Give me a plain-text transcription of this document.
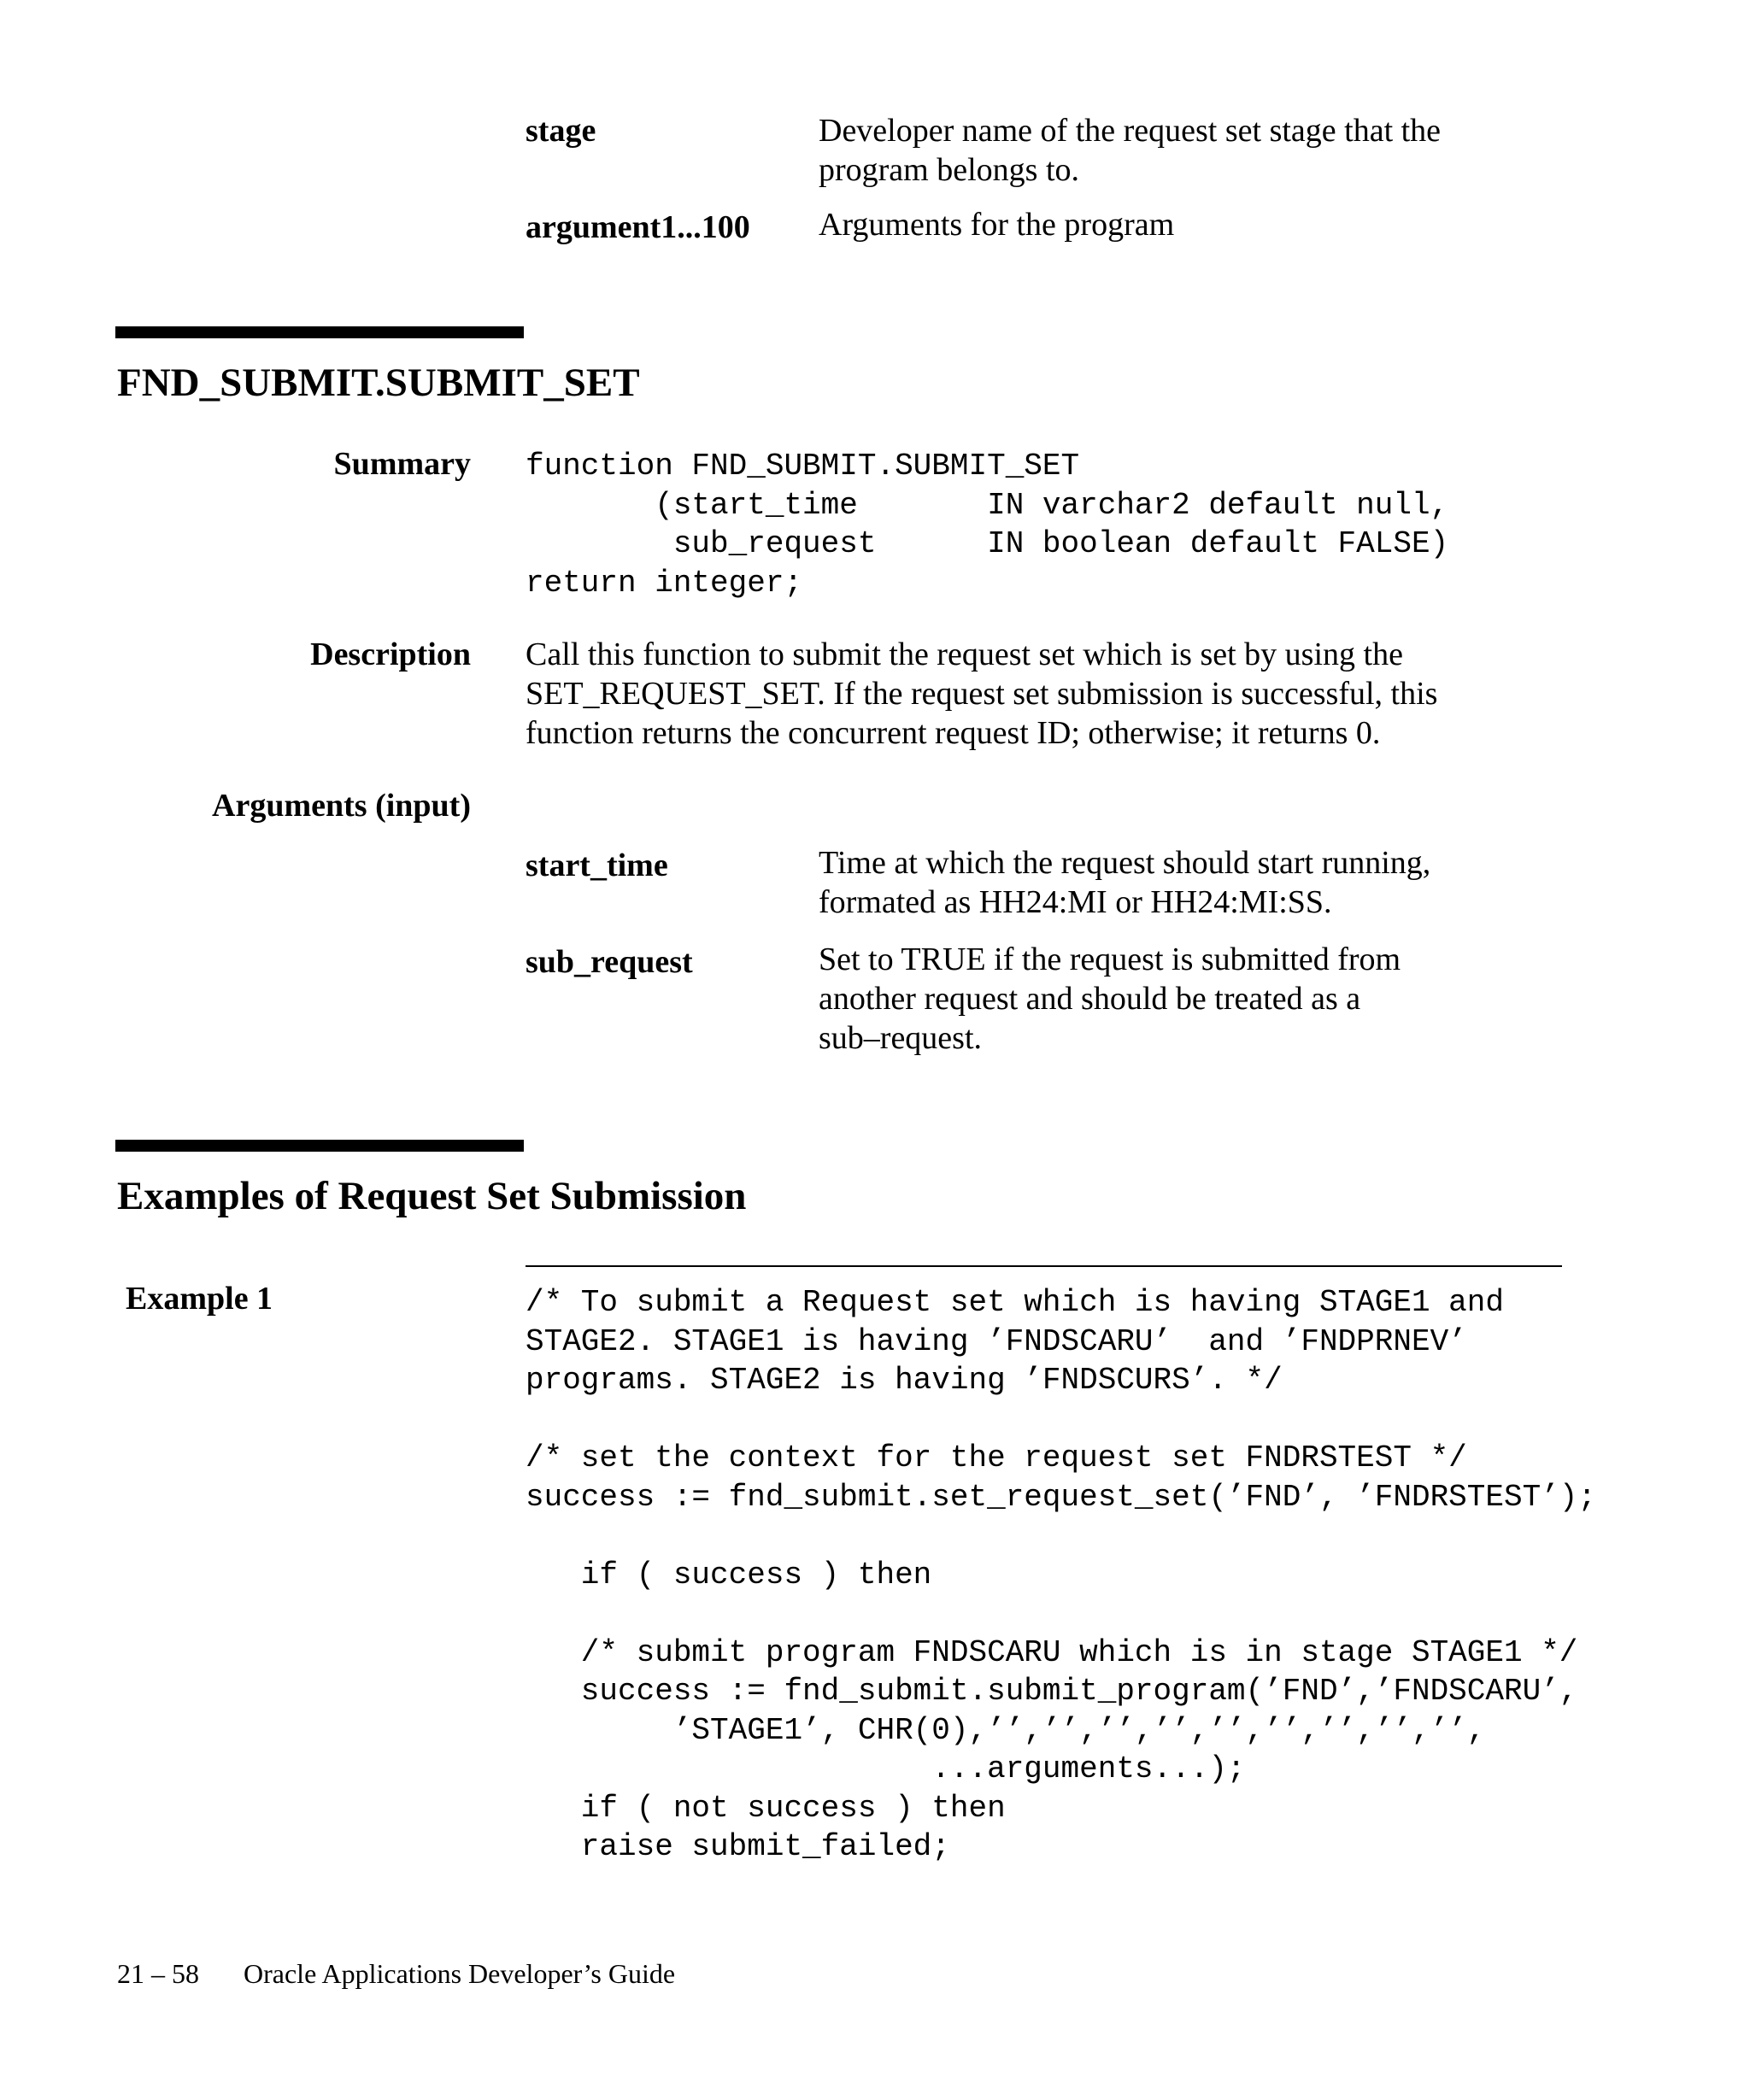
stage	Developer name of the request set stage that the
program belongs to.
argument1...100 Arguments for the program
FND_SUBMIT.SUBMIT_SET
Summary function FND_SUBMIT.SUBMIT_SET
(start_time       IN varchar2 default null,
sub_request      IN boolean default FALSE)
return integer;
Description Call this function to submit the request set which is set by using the
SET_REQUEST_SET. If the request set submission is successful, this
function returns the concurrent request ID; otherwise; it returns 0.
Arguments (input)
start_time	Time at which the request should start running,
formated as HH24:MI or HH24:MI:SS.
sub_request	Set to TRUE if the request is submitted from
another request and should be treated as a
sub–request.
Examples of Request Set Submission
Example 1	/* To submit a Request set which is having STAGE1 and
STAGE2. STAGE1 is having ’FNDSCARU’  and ’FNDPRNEV’
programs. STAGE2 is having ’FNDSCURS’. */

/* set the context for the request set FNDRSTEST */
success := fnd_submit.set_request_set(’FND’, ’FNDRSTEST’);

if ( success ) then

/* submit program FNDSCARU which is in stage STAGE1 */
success := fnd_submit.submit_program(’FND’,’FNDSCARU’,
’STAGE1’, CHR(0),’’,’’,’’,’’,’’,’’,’’,’’,’’,
...arguments...);
if ( not success ) then
raise submit_failed;
21 – 58 Oracle Applications Developer’s Guide
